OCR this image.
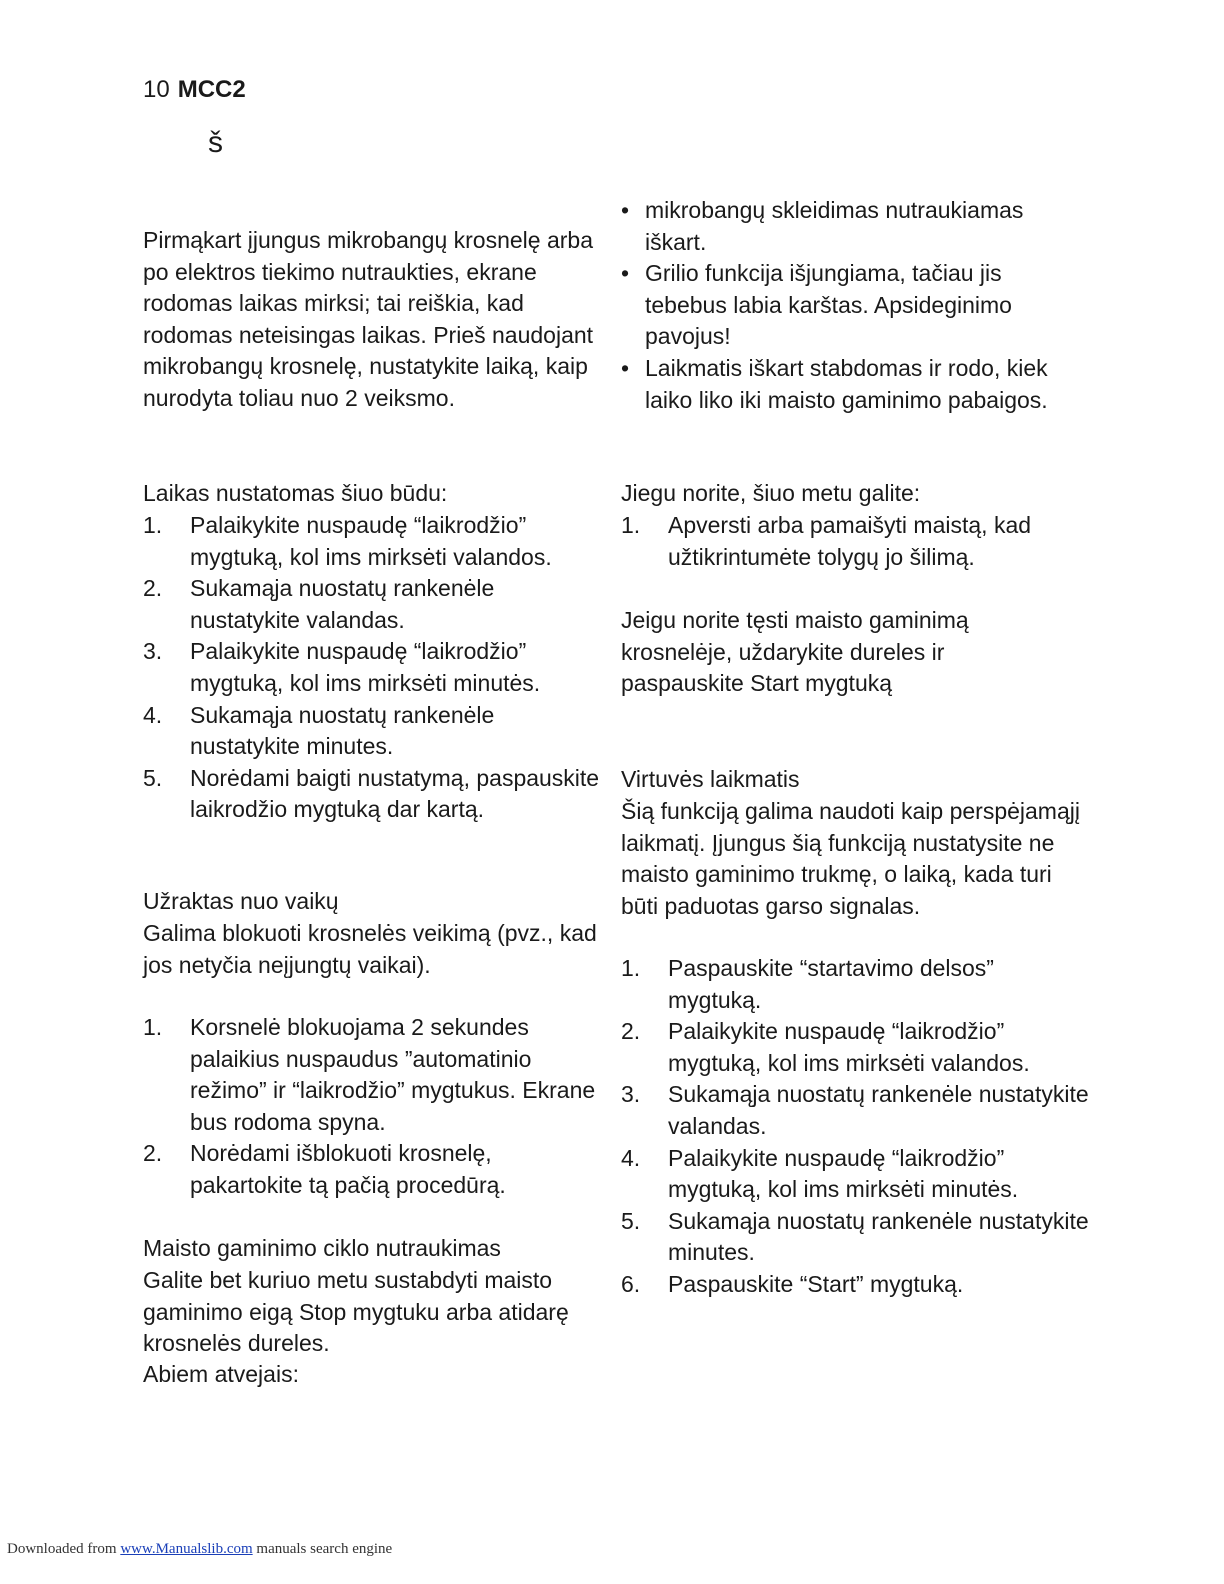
10 MCC2
š

Pirmąkart įjungus mikrobangų krosnelę arba po elektros tiekimo nutraukties, ekrane rodomas laikas mirksi; tai reiškia, kad rodomas neteisingas laikas. Prieš naudojant mikrobangų krosnelę, nustatykite laiką, kaip nurodyta toliau nuo 2 veiksmo.

Laikas nustatomas šiuo būdu:

1. Palaikykite nuspaudę “laikrodžio” mygtuką, kol ims mirksėti valandos.
2. Sukamąja nuostatų rankenėle nustatykite valandas.
3. Palaikykite nuspaudę “laikrodžio” mygtuką, kol ims mirksėti minutės.
4. Sukamąja nuostatų rankenėle nustatykite minutes.
5. Norėdami baigti nustatymą, paspauskite laikrodžio mygtuką dar kartą.
Užraktas nuo vaikų

Galima blokuoti krosnelės veikimą (pvz., kad jos netyčia neįjungtų vaikai).

1. Korsnelė blokuojama 2 sekundes palaikius nuspaudus ”automatinio režimo” ir “laikrodžio” mygtukus. Ekrane bus rodoma spyna.
2. Norėdami išblokuoti krosnelę, pakartokite tą pačią procedūrą.
Maisto gaminimo ciklo nutraukimas

Galite bet kuriuo metu sustabdyti maisto gaminimo eigą Stop mygtuku arba atidarę krosnelės dureles.

Abiem atvejais:

• mikrobangų skleidimas nutraukiamas iškart.
• Grilio funkcija išjungiama, tačiau jis tebebus labia karštas. Apsideginimo pavojus!
• Laikmatis iškart stabdomas ir rodo, kiek laiko liko iki maisto gaminimo pabaigos.

Jiegu norite, šiuo metu galite:

1. Apversti arba pamaišyti maistą, kad užtikrintumėte tolygų jo šilimą.

Jeigu norite tęsti maisto gaminimą krosnelėje, uždarykite dureles ir paspauskite Start mygtuką

Virtuvės laikmatis

Šią funkciją galima naudoti kaip perspėjamąjį laikmatį. Įjungus šią funkciją nustatysite ne maisto gaminimo trukmę, o laiką, kada turi būti paduotas garso signalas.

1. Paspauskite “startavimo delsos” mygtuką.
2. Palaikykite nuspaudę “laikrodžio” mygtuką, kol ims mirksėti valandos.
3. Sukamąja nuostatų rankenėle nustatykite valandas.
4. Palaikykite nuspaudę “laikrodžio” mygtuką, kol ims mirksėti minutės.
5. Sukamąja nuostatų rankenėle nustatykite minutes.
6. Paspauskite “Start” mygtuką.
Downloaded from www.Manualslib.com manuals search engine
